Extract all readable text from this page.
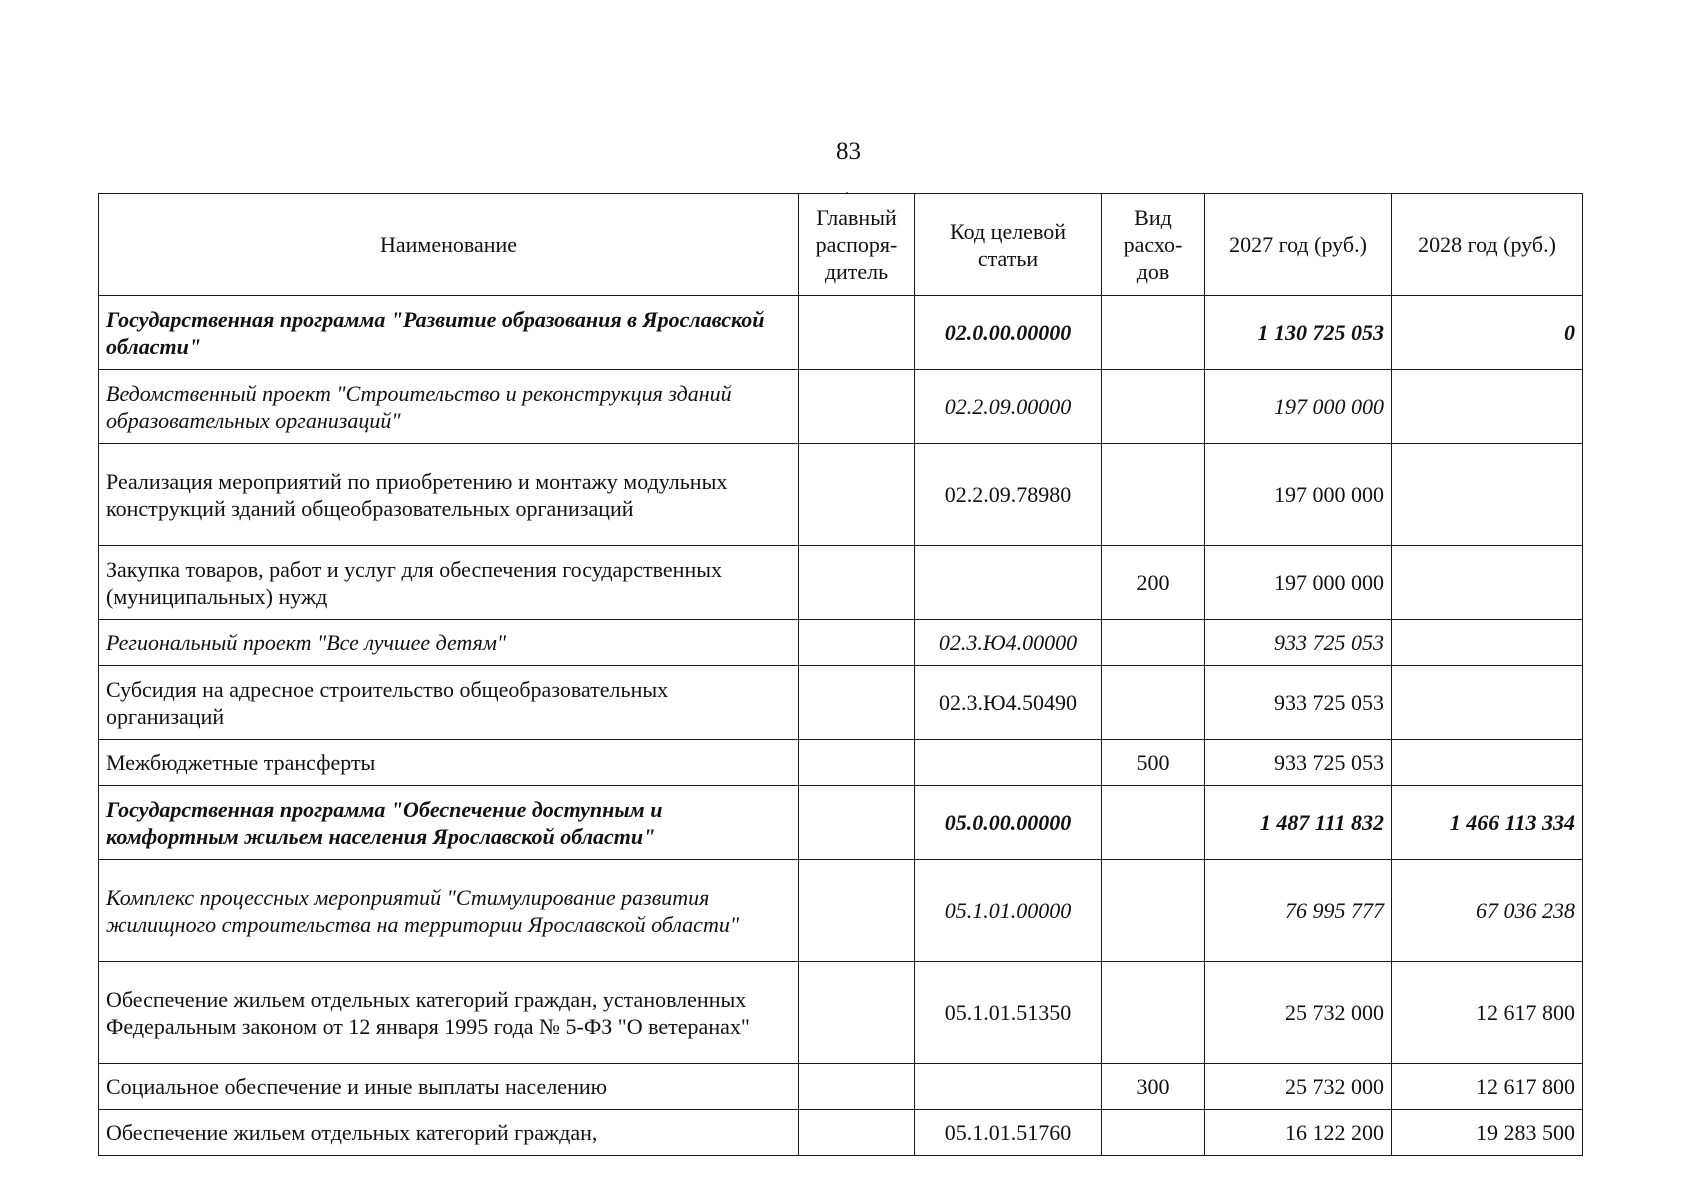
83
Наименование	Главный распоря-дитель	Код целевой статьи	Вид расхо-дов	2027 год (руб.)	2028 год (руб.)
Государственная программа "Развитие образования в Ярославской области"		02.0.00.00000		1 130 725 053	0
Ведомственный проект "Строительство и реконструкция зданий образовательных организаций"		02.2.09.00000		197 000 000	
Реализация мероприятий по приобретению и монтажу модульных конструкций зданий общеобразовательных организаций		02.2.09.78980		197 000 000	
Закупка товаров, работ и услуг для обеспечения государственных (муниципальных) нужд			200	197 000 000	
Региональный проект "Все лучшее детям"		02.3.Ю4.00000		933 725 053	
Субсидия на адресное строительство общеобразовательных организаций		02.3.Ю4.50490		933 725 053	
Межбюджетные трансферты			500	933 725 053	
Государственная программа "Обеспечение доступным и комфортным жильем населения Ярославской области"		05.0.00.00000		1 487 111 832	1 466 113 334
Комплекс процессных мероприятий "Стимулирование развития жилищного строительства на территории Ярославской области"		05.1.01.00000		76 995 777	67 036 238
Обеспечение жильем отдельных категорий граждан, установленных Федеральным законом от 12 января 1995 года № 5-ФЗ "О ветеранах"		05.1.01.51350		25 732 000	12 617 800
Социальное обеспечение и иные выплаты населению			300	25 732 000	12 617 800
Обеспечение жильем отдельных категорий граждан,		05.1.01.51760		16 122 200	19 283 500
